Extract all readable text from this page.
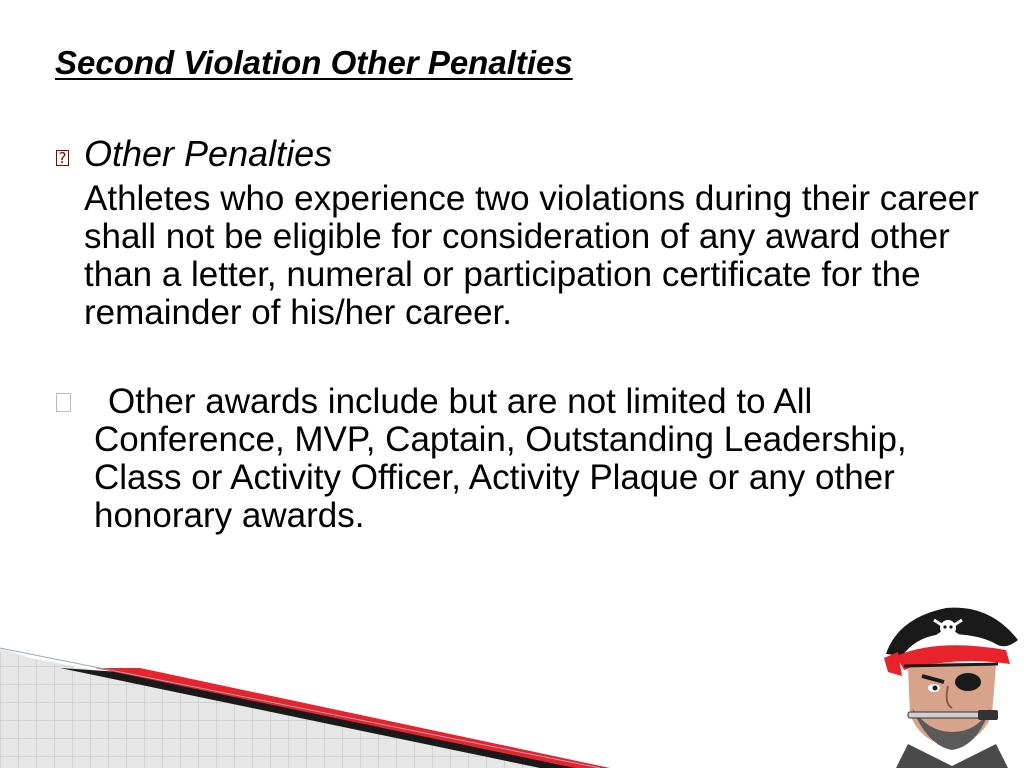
Second Violation Other Penalties
? Other Penalties
Athletes who experience two violations during their career shall not be eligible for consideration of any award other than a letter, numeral or participation certificate for the remainder of his/her career.
Other awards include but are not limited to All Conference, MVP, Captain, Outstanding Leadership, Class or Activity Officer, Activity Plaque or any other honorary awards.
